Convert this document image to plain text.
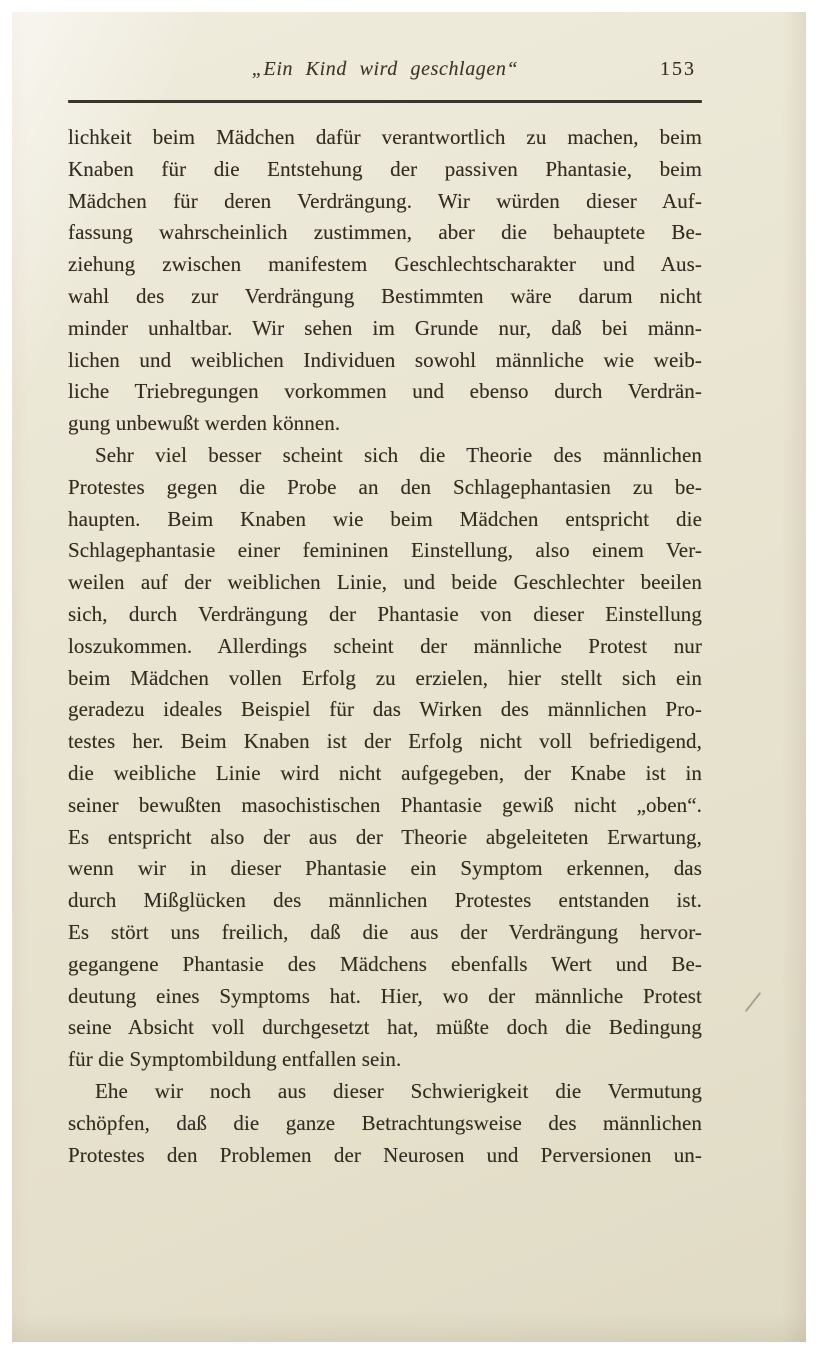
„Ein Kind wird geschlagen“	153
lichkeit beim Mädchen dafür verantwortlich zu machen, beim
Knaben für die Entstehung der passiven Phantasie, beim
Mädchen für deren Verdrängung. Wir würden dieser Auf-
fassung wahrscheinlich zustimmen, aber die behauptete Be-
ziehung zwischen manifestem Geschlechtscharakter und Aus-
wahl des zur Verdrängung Bestimmten wäre darum nicht
minder unhaltbar. Wir sehen im Grunde nur, daß bei männ-
lichen und weiblichen Individuen sowohl männliche wie weib-
liche Triebregungen vorkommen und ebenso durch Verdrän-
gung unbewußt werden können.
Sehr viel besser scheint sich die Theorie des männlichen
Protestes gegen die Probe an den Schlagephantasien zu be-
haupten. Beim Knaben wie beim Mädchen entspricht die
Schlagephantasie einer femininen Einstellung, also einem Ver-
weilen auf der weiblichen Linie, und beide Geschlechter beeilen
sich, durch Verdrängung der Phantasie von dieser Einstellung
loszukommen. Allerdings scheint der männliche Protest nur
beim Mädchen vollen Erfolg zu erzielen, hier stellt sich ein
geradezu ideales Beispiel für das Wirken des männlichen Pro-
testes her. Beim Knaben ist der Erfolg nicht voll befriedigend,
die weibliche Linie wird nicht aufgegeben, der Knabe ist in
seiner bewußten masochistischen Phantasie gewiß nicht „oben“.
Es entspricht also der aus der Theorie abgeleiteten Erwartung,
wenn wir in dieser Phantasie ein Symptom erkennen, das
durch Mißglücken des männlichen Protestes entstanden ist.
Es stört uns freilich, daß die aus der Verdrängung hervor-
gegangene Phantasie des Mädchens ebenfalls Wert und Be-
deutung eines Symptoms hat. Hier, wo der männliche Protest
seine Absicht voll durchgesetzt hat, müßte doch die Bedingung
für die Symptombildung entfallen sein.
Ehe wir noch aus dieser Schwierigkeit die Vermutung
schöpfen, daß die ganze Betrachtungsweise des männlichen
Protestes den Problemen der Neurosen und Perversionen un-
